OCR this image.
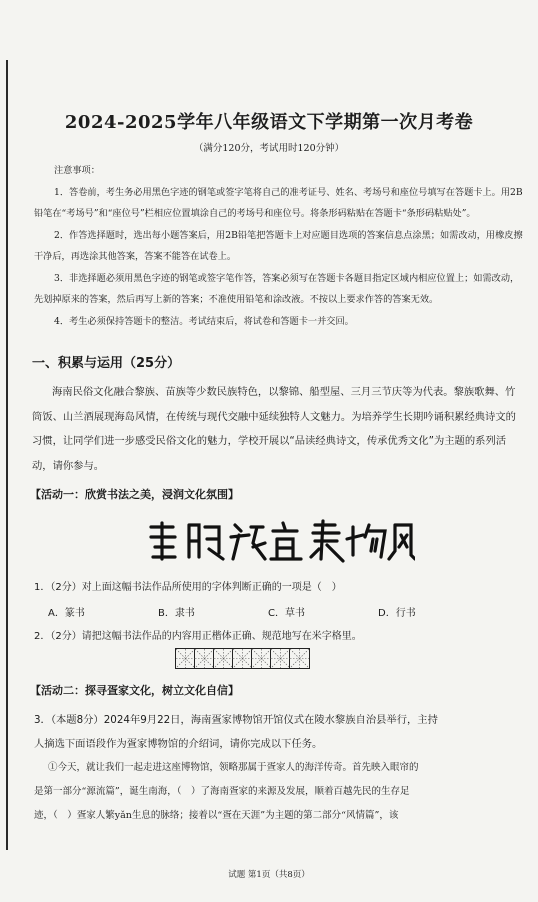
2024-2025学年八年级语文下学期第一次月考卷
（满分120分，考试用时120分钟）

注意事项：

1．答卷前，考生务必用黑色字迹的钢笔或签字笔将自己的准考证号、姓名、考场号和座位号填写在答题卡上。用2B铅笔在“考场号”和“座位号”栏相应位置填涂自己的考场号和座位号。将条形码粘贴在答题卡“条形码粘贴处”。

2．作答选择题时，选出每小题答案后，用2B铅笔把答题卡上对应题目选项的答案信息点涂黑；如需改动，用橡皮擦干净后，再选涂其他答案，答案不能答在试卷上。

3．非选择题必须用黑色字迹的钢笔或签字笔作答，答案必须写在答题卡各题目指定区域内相应位置上；如需改动，先划掉原来的答案，然后再写上新的答案；不准使用铅笔和涂改液。不按以上要求作答的答案无效。

4．考生必须保持答题卡的整洁。考试结束后，将试卷和答题卡一并交回。

一、积累与运用（25分）
海南民俗文化融合黎族、苗族等少数民族特色，以黎锦、船型屋、三月三节庆等为代表。黎族歌舞、竹筒饭、山兰酒展现海岛风情，在传统与现代交融中延续独特人文魅力。为培养学生长期吟诵积累经典诗文的习惯，让同学们进一步感受民俗文化的魅力，学校开展以“品读经典诗文，传承优秀文化”为主题的系列活动，请你参与。
【活动一：欣赏书法之美，浸润文化氛围】
量眼放宜長物風
1．（2分）对上面这幅书法作品所使用的字体判断正确的一项是（　）
A．篆书	B．隶书	C．草书	D．行书
2．（2分）请把这幅书法作品的内容用正楷体正确、规范地写在米字格里。
【活动二：探寻疍家文化，树立文化自信】

3．（本题8分）2024年9月22日，海南疍家博物馆开馆仪式在陵水黎族自治县举行，主持

人摘选下面语段作为疍家博物馆的介绍词，请你完成以下任务。

①今天，就让我们一起走进这座博物馆，领略那属于疍家人的海洋传奇。首先映入眼帘的

是第一部分“源流篇”，诞生南海，（　）了海南疍家的来源及发展，顺着百越先民的生存足

迹，（　）疍家人繁yǎn生息的脉络；接着以“疍在天涯”为主题的第二部分“风情篇”，该

试题 第1页（共8页）
